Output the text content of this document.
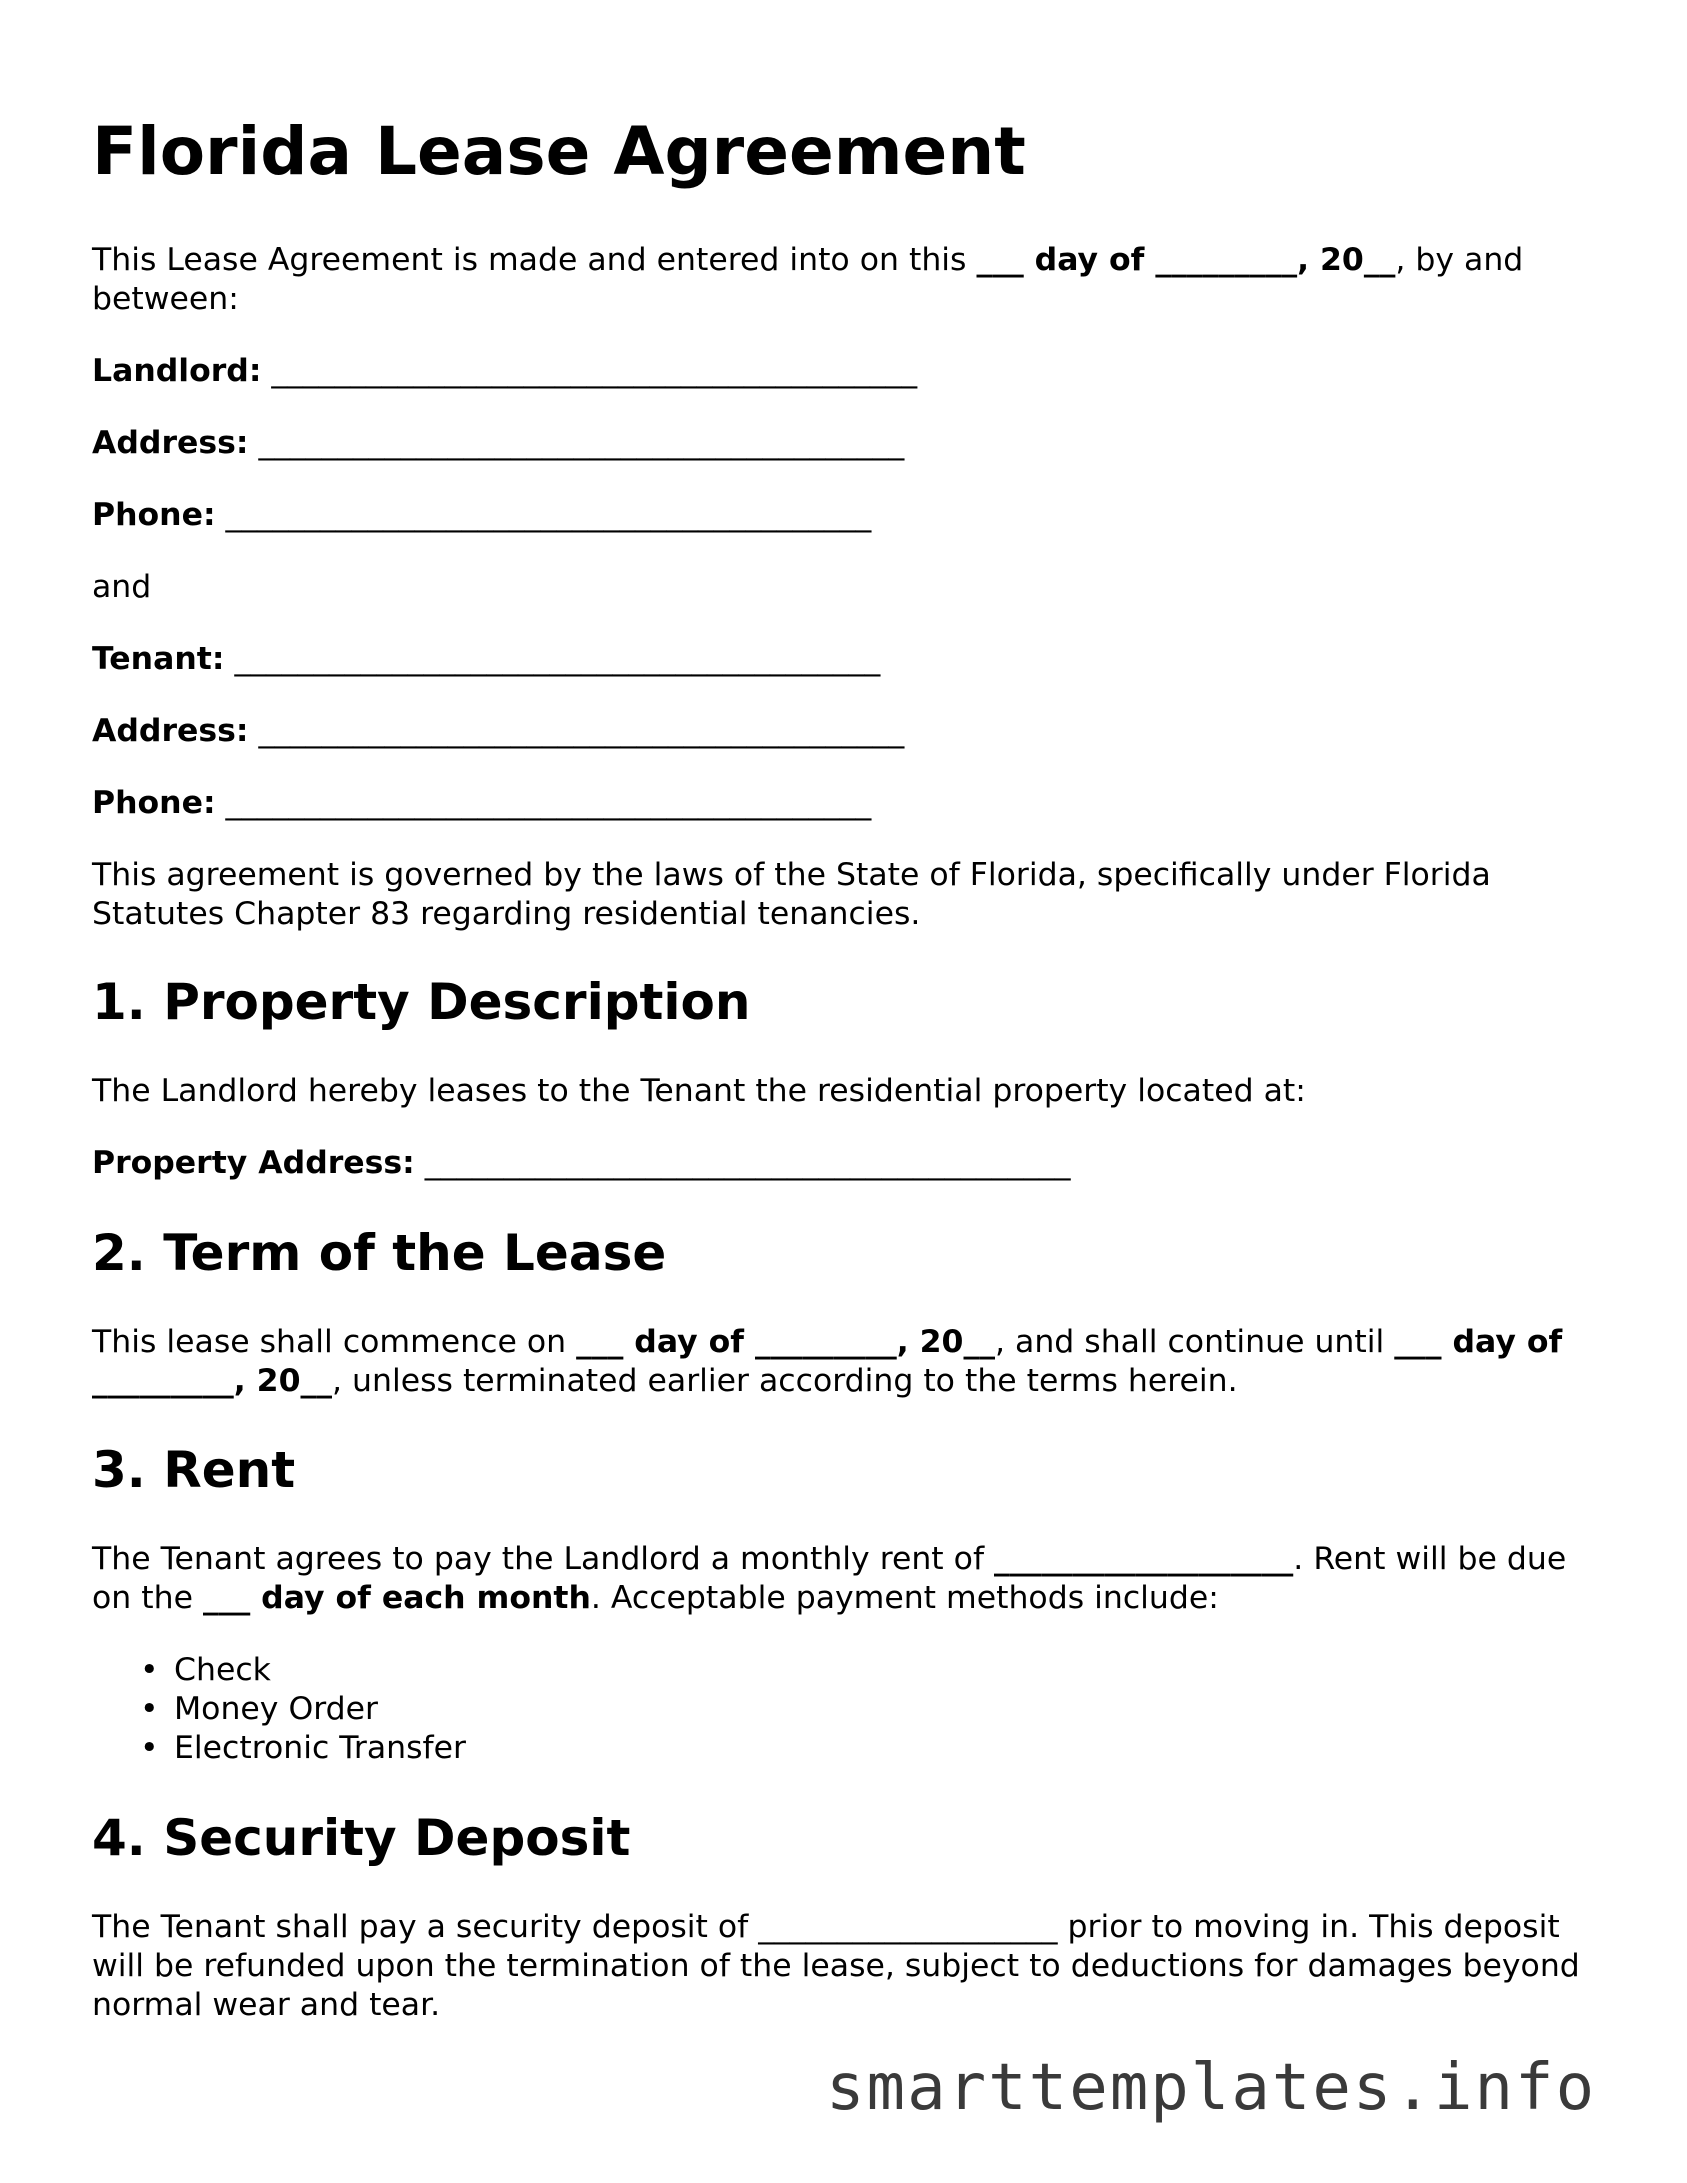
Florida Lease Agreement

This Lease Agreement is made and entered into on this ___ day of _________, 20__, by and between:

Landlord: _________________________________________
Address: _________________________________________
Phone: _________________________________________
and
Tenant: _________________________________________
Address: _________________________________________
Phone: _________________________________________

This agreement is governed by the laws of the State of Florida, specifically under Florida Statutes Chapter 83 regarding residential tenancies.

1. Property Description

The Landlord hereby leases to the Tenant the residential property located at:

Property Address: _________________________________________
2. Term of the Lease

This lease shall commence on ___ day of _________, 20__, and shall continue until ___ day of _________, 20__, unless terminated earlier according to the terms herein.

3. Rent

The Tenant agrees to pay the Landlord a monthly rent of ___________________. Rent will be due on the ___ day of each month. Acceptable payment methods include:

• Check
• Money Order
• Electronic Transfer
4. Security Deposit

The Tenant shall pay a security deposit of ___________________ prior to moving in. This deposit will be refunded upon the termination of the lease, subject to deductions for damages beyond normal wear and tear.

smarttemplates.info
